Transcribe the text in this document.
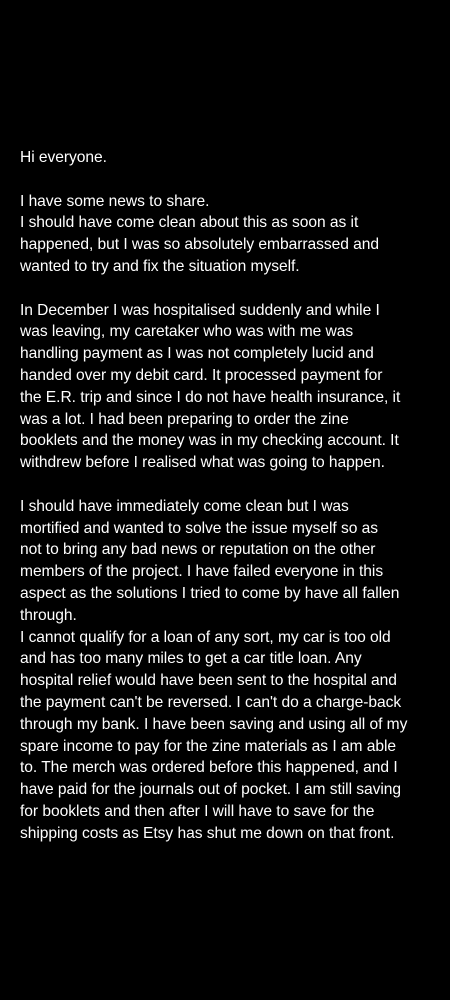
Hi everyone.
I have some news to share.
I should have come clean about this as soon as it
happened, but I was so absolutely embarrassed and
wanted to try and fix the situation myself.
In December I was hospitalised suddenly and while I
was leaving, my caretaker who was with me was
handling payment as I was not completely lucid and
handed over my debit card. It processed payment for
the E.R. trip and since I do not have health insurance, it
was a lot. I had been preparing to order the zine
booklets and the money was in my checking account. It
withdrew before I realised what was going to happen.
I should have immediately come clean but I was
mortified and wanted to solve the issue myself so as
not to bring any bad news or reputation on the other
members of the project. I have failed everyone in this
aspect as the solutions I tried to come by have all fallen
through.
I cannot qualify for a loan of any sort, my car is too old
and has too many miles to get a car title loan. Any
hospital relief would have been sent to the hospital and
the payment can't be reversed. I can't do a charge-back
through my bank. I have been saving and using all of my
spare income to pay for the zine materials as I am able
to. The merch was ordered before this happened, and I
have paid for the journals out of pocket. I am still saving
for booklets and then after I will have to save for the
shipping costs as Etsy has shut me down on that front.
